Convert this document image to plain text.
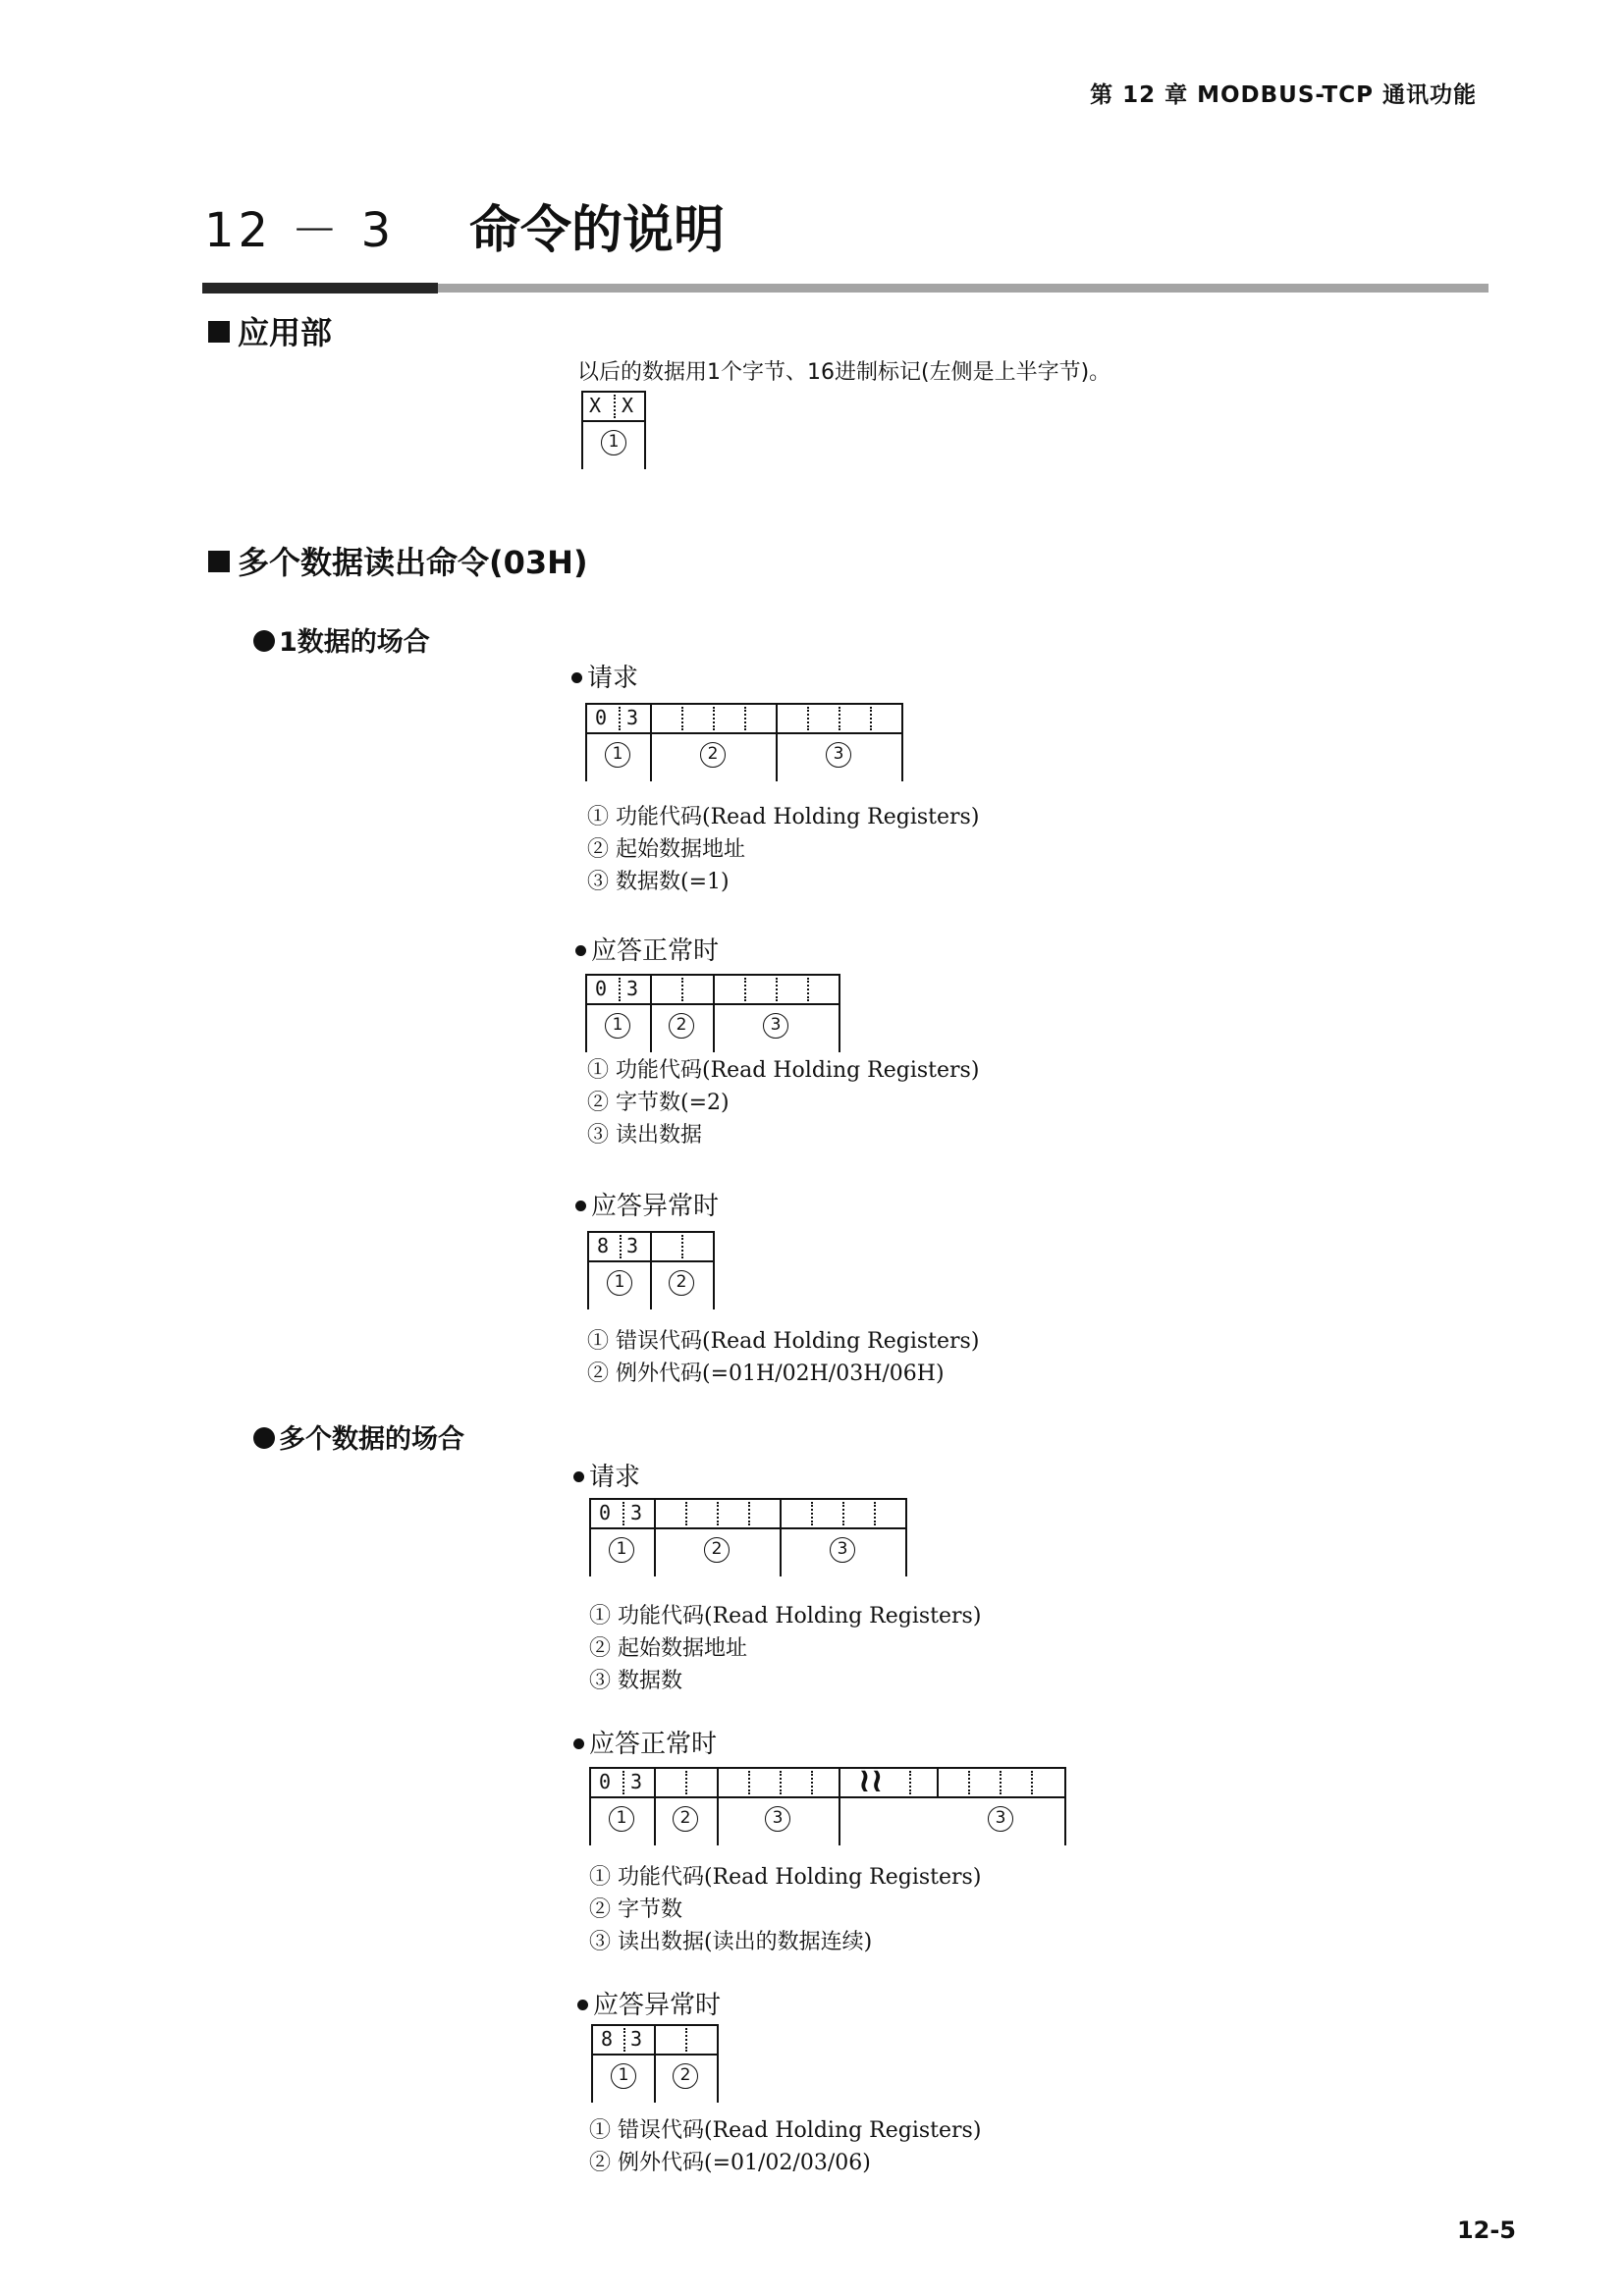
第 12 章 MODBUS-TCP 通讯功能
12 － 3 命令的说明
应用部
以后的数据用1个字节、16进制标记(左侧是上半字节)。
X X
1
多个数据读出命令(03H)
1数据的场合
请求
0 3
1	2	3
① 功能代码(Read Holding Registers)
② 起始数据地址
③ 数据数(=1)
应答正常时
0 3
1	2	3
① 功能代码(Read Holding Registers)
② 字节数(=2)
③ 读出数据
应答异常时
8 3
1	2
① 错误代码(Read Holding Registers)
② 例外代码(=01H/02H/03H/06H)
多个数据的场合
请求
0 3
1	2	3
① 功能代码(Read Holding Registers)
② 起始数据地址
③ 数据数
应答正常时
0 3	≀≀
1	2	3	3
① 功能代码(Read Holding Registers)
② 字节数
③ 读出数据(读出的数据连续)
应答异常时
8 3
1	2
① 错误代码(Read Holding Registers)
② 例外代码(=01/02/03/06)
12-5
